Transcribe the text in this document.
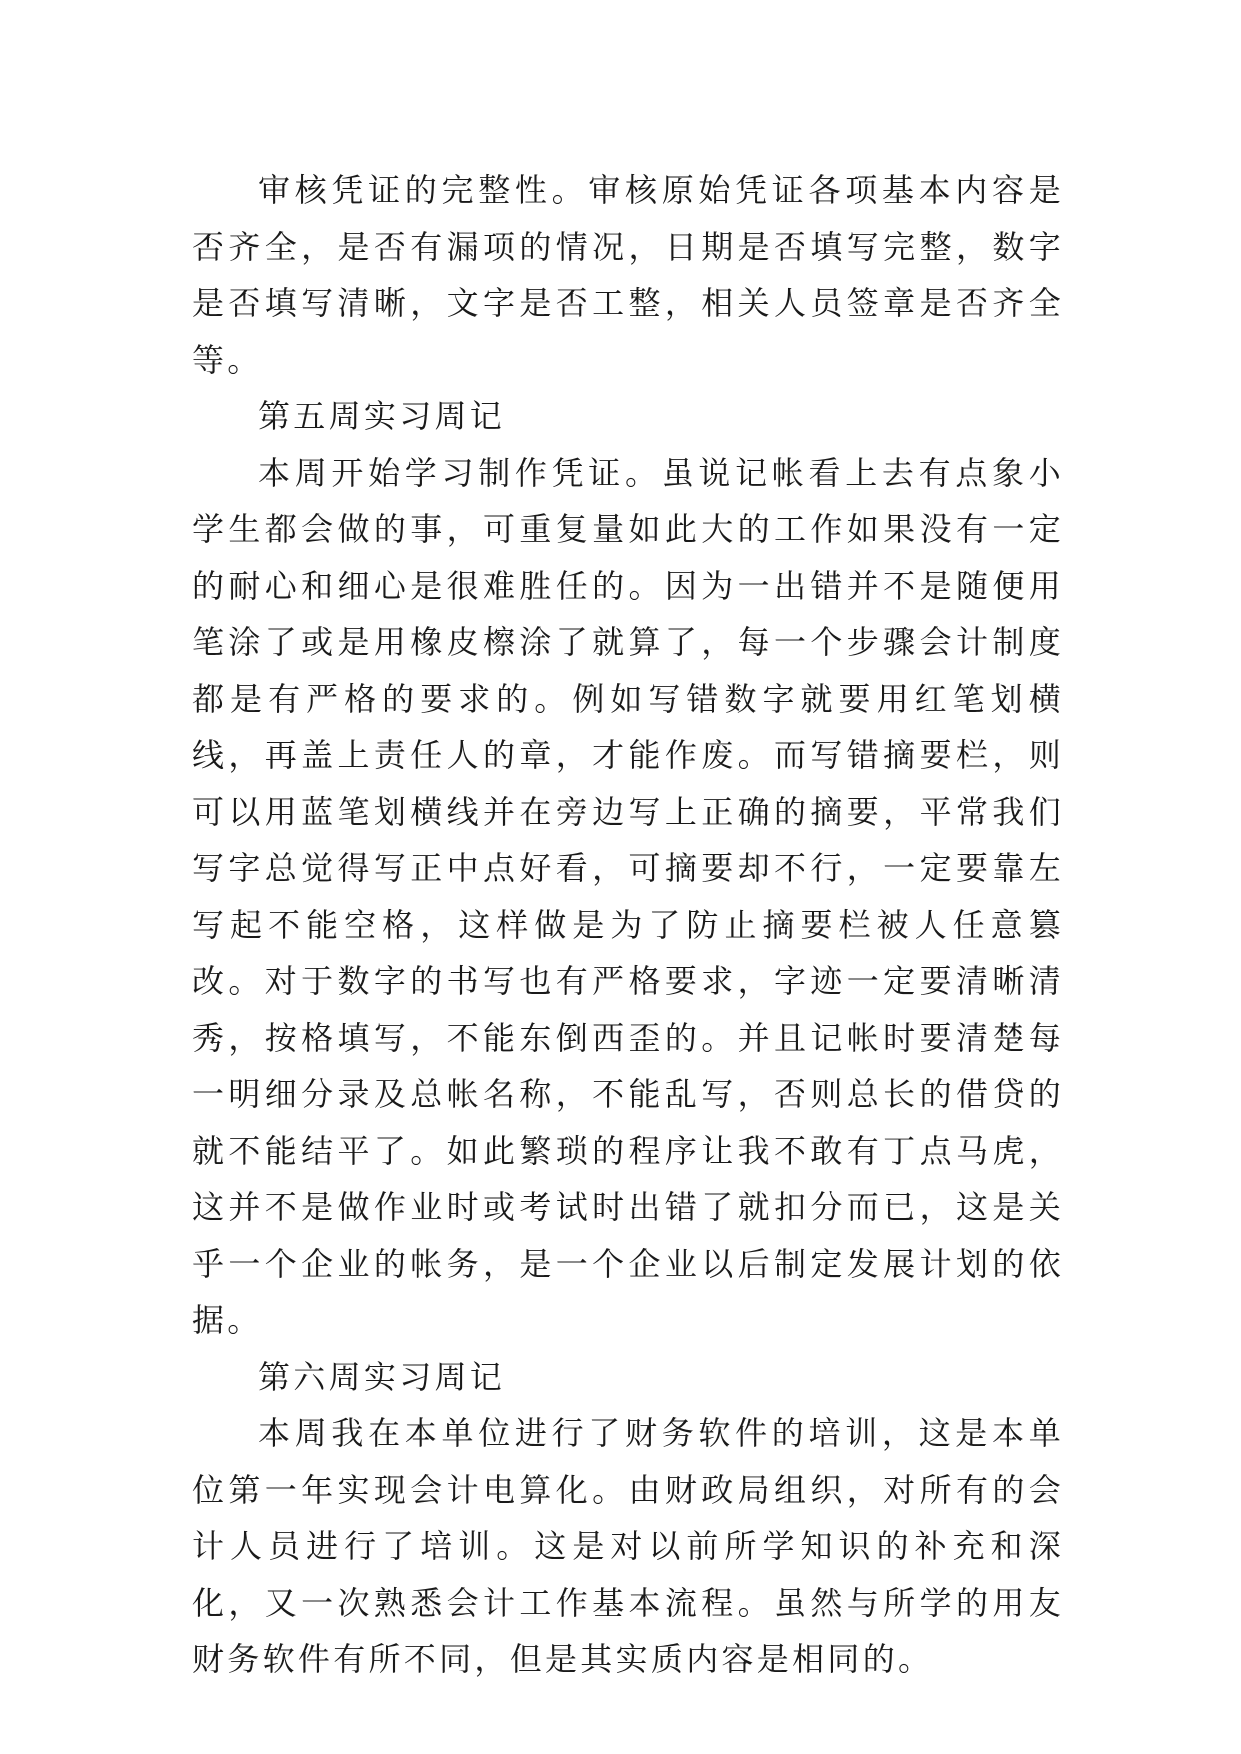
审核凭证的完整性。审核原始凭证各项基本内容是否齐全，是否有漏项的情况，日期是否填写完整，数字是否填写清晰，文字是否工整，相关人员签章是否齐全等。

第五周实习周记

本周开始学习制作凭证。虽说记帐看上去有点象小学生都会做的事，可重复量如此大的工作如果没有一定的耐心和细心是很难胜任的。因为一出错并不是随便用笔涂了或是用橡皮檫涂了就算了，每一个步骤会计制度都是有严格的要求的。例如写错数字就要用红笔划横线，再盖上责任人的章，才能作废。而写错摘要栏，则可以用蓝笔划横线并在旁边写上正确的摘要，平常我们写字总觉得写正中点好看，可摘要却不行，一定要靠左写起不能空格，这样做是为了防止摘要栏被人任意篡改。对于数字的书写也有严格要求，字迹一定要清晰清秀，按格填写，不能东倒西歪的。并且记帐时要清楚每一明细分录及总帐名称，不能乱写，否则总长的借贷的就不能结平了。如此繁琐的程序让我不敢有丁点马虎，这并不是做作业时或考试时出错了就扣分而已，这是关乎一个企业的帐务，是一个企业以后制定发展计划的依据。

第六周实习周记

本周我在本单位进行了财务软件的培训，这是本单位第一年实现会计电算化。由财政局组织，对所有的会计人员进行了培训。这是对以前所学知识的补充和深化，又一次熟悉会计工作基本流程。虽然与所学的用友财务软件有所不同，但是其实质内容是相同的。
